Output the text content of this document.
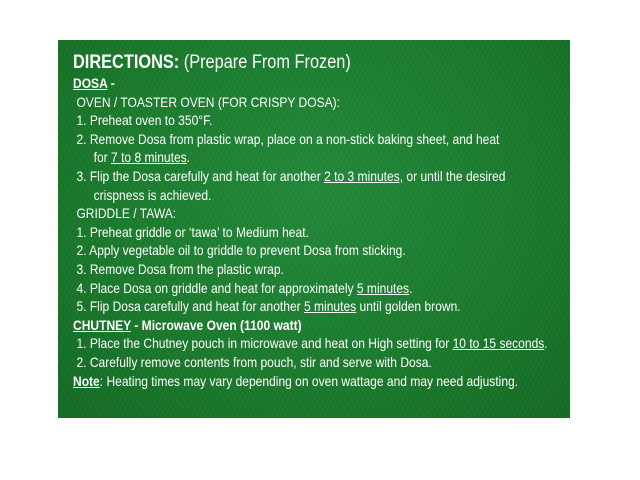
DIRECTIONS: (Prepare From Frozen)
DOSA -
OVEN / TOASTER OVEN (FOR CRISPY DOSA):
1. Preheat oven to 350°F.
2. Remove Dosa from plastic wrap, place on a non-stick baking sheet, and heat
for 7 to 8 minutes.
3. Flip the Dosa carefully and heat for another 2 to 3 minutes, or until the desired
crispness is achieved.
GRIDDLE / TAWA:
1. Preheat griddle or ‘tawa’ to Medium heat.
2. Apply vegetable oil to griddle to prevent Dosa from sticking.
3. Remove Dosa from the plastic wrap.
4. Place Dosa on griddle and heat for approximately 5 minutes.
5. Flip Dosa carefully and heat for another 5 minutes until golden brown.
CHUTNEY - Microwave Oven (1100 watt)
1. Place the Chutney pouch in microwave and heat on High setting for 10 to 15 seconds.
2. Carefully remove contents from pouch, stir and serve with Dosa.
Note: Heating times may vary depending on oven wattage and may need adjusting.
